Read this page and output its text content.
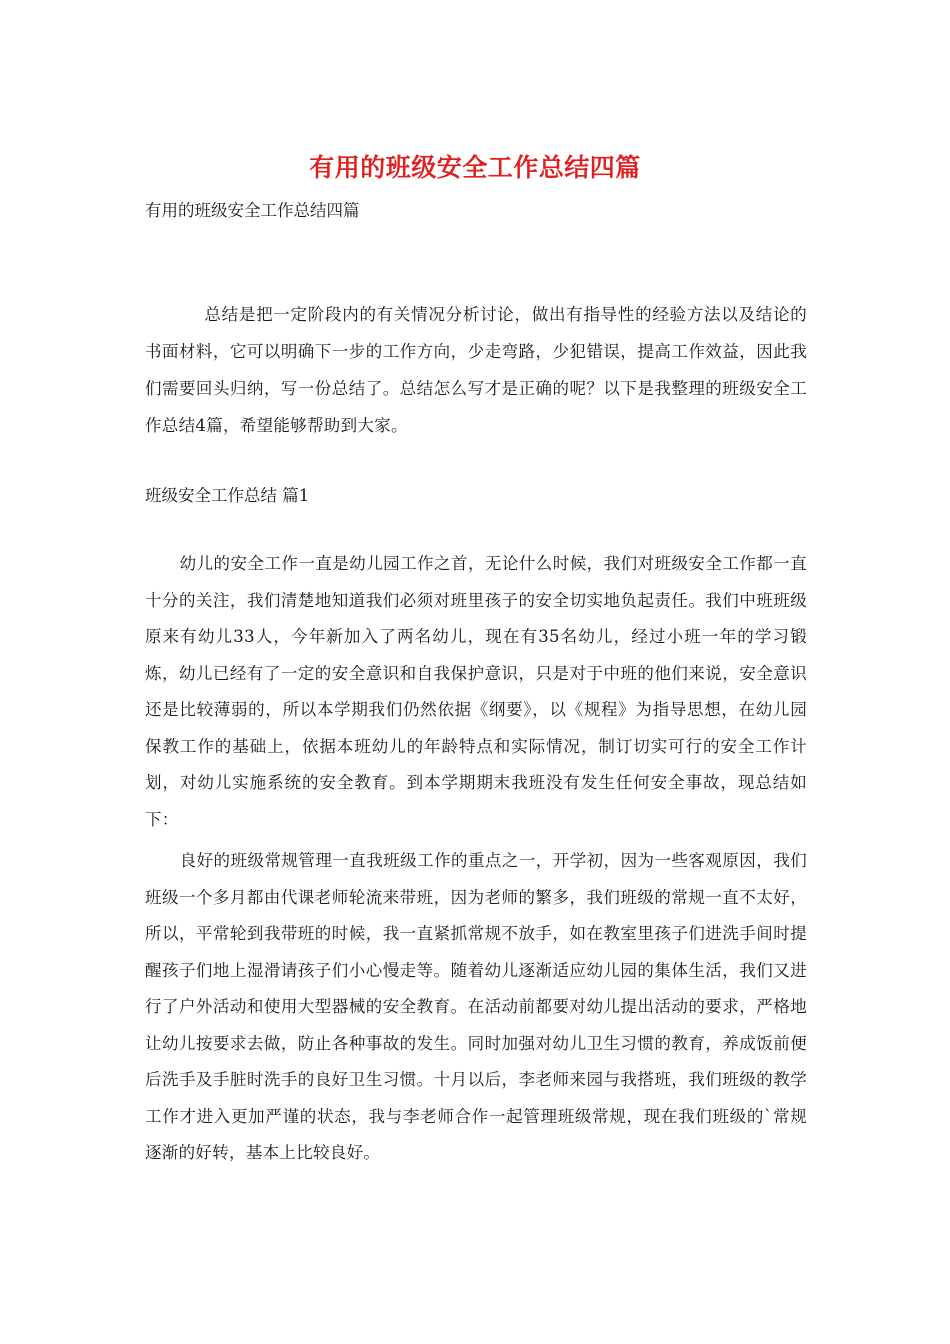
有用的班级安全工作总结四篇
有用的班级安全工作总结四篇
总结是把一定阶段内的有关情况分析讨论，做出有指导性的经验方法以及结论的书面材料，它可以明确下一步的工作方向，少走弯路，少犯错误，提高工作效益，因此我们需要回头归纳，写一份总结了。总结怎么写才是正确的呢？以下是我整理的班级安全工作总结4篇，希望能够帮助到大家。
班级安全工作总结 篇1
幼儿的安全工作一直是幼儿园工作之首，无论什么时候，我们对班级安全工作都一直十分的关注，我们清楚地知道我们必须对班里孩子的安全切实地负起责任。我们中班班级原来有幼儿33人，今年新加入了两名幼儿，现在有35名幼儿，经过小班一年的学习锻炼，幼儿已经有了一定的安全意识和自我保护意识，只是对于中班的他们来说，安全意识还是比较薄弱的，所以本学期我们仍然依据《纲要》，以《规程》为指导思想，在幼儿园保教工作的基础上，依据本班幼儿的年龄特点和实际情况，制订切实可行的安全工作计划，对幼儿实施系统的安全教育。到本学期期末我班没有发生任何安全事故，现总结如下：
良好的班级常规管理一直我班级工作的重点之一，开学初，因为一些客观原因，我们班级一个多月都由代课老师轮流来带班，因为老师的繁多，我们班级的常规一直不太好，所以，平常轮到我带班的时候，我一直紧抓常规不放手，如在教室里孩子们进洗手间时提醒孩子们地上湿滑请孩子们小心慢走等。随着幼儿逐渐适应幼儿园的集体生活，我们又进行了户外活动和使用大型器械的安全教育。在活动前都要对幼儿提出活动的要求，严格地让幼儿按要求去做，防止各种事故的发生。同时加强对幼儿卫生习惯的教育，养成饭前便后洗手及手脏时洗手的良好卫生习惯。十月以后，李老师来园与我搭班，我们班级的教学工作才进入更加严谨的状态，我与李老师合作一起管理班级常规，现在我们班级的`常规逐渐的好转，基本上比较良好。
